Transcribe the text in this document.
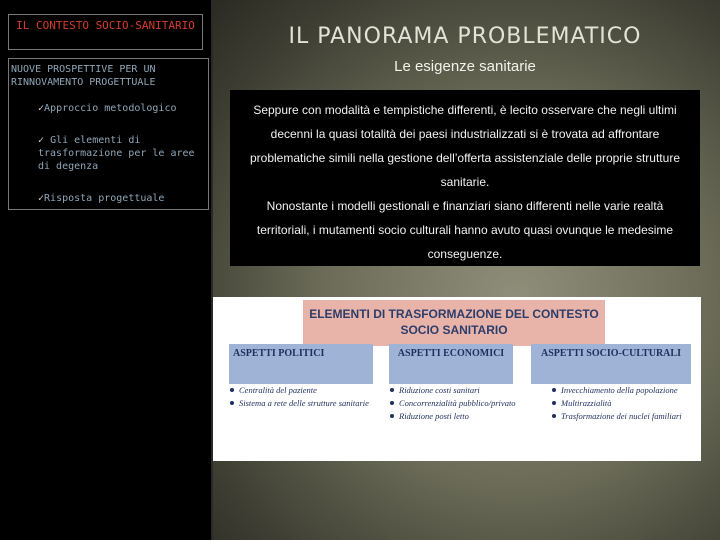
IL CONTESTO SOCIO-SANITARIO
NUOVE PROSPETTIVE PER UN RINNOVAMENTO PROGETTUALE
✓Approccio metodologico
✓ Gli elementi di trasformazione per le aree di degenza
✓Risposta progettuale
IL PANORAMA PROBLEMATICO
Le esigenze sanitarie
Seppure con modalità e tempistiche differenti, è lecito osservare che negli ultimi decenni la quasi totalità dei paesi industrializzati si è trovata ad affrontare problematiche simili nella gestione dell’offerta assistenziale delle proprie strutture sanitarie.
Nonostante i modelli gestionali e finanziari siano differenti nelle varie realtà territoriali, i mutamenti socio culturali hanno avuto quasi ovunque le medesime conseguenze.
ELEMENTI DI TRASFORMAZIONE DEL CONTESTO SOCIO SANITARIO
ASPETTI POLITICI	ASPETTI ECONOMICI	ASPETTI SOCIO-CULTURALI
Centralità del paziente
Sistema a rete delle strutture sanitarie
Riduzione costi sanitari
Concorrenzialità pubblico/privato
Riduzione posti letto
Invecchiamento della popolazione
Multirazzialità
Trasformazione dei nuclei familiari
